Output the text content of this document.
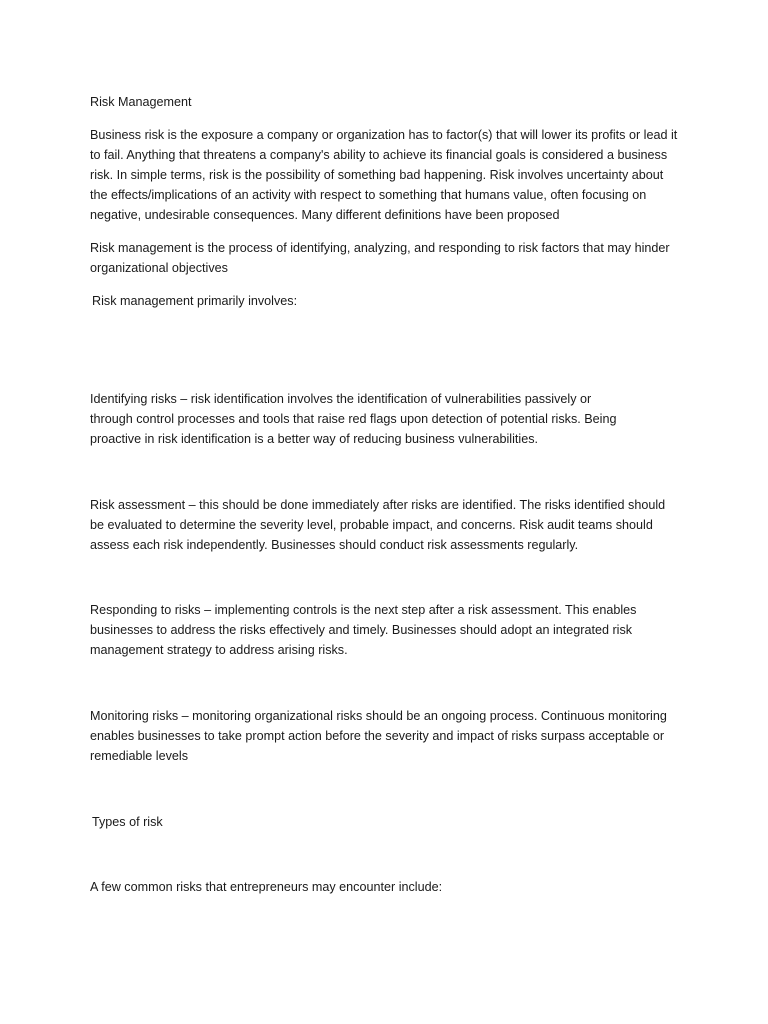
Risk Management

Business risk is the exposure a company or organization has to factor(s) that will lower its profits or lead it to fail. Anything that threatens a company's ability to achieve its financial goals is considered a business risk. In simple terms, risk is the possibility of something bad happening. Risk involves uncertainty about the effects/implications of an activity with respect to something that humans value, often focusing on negative, undesirable consequences. Many different definitions have been proposed

Risk management is the process of identifying, analyzing, and responding to risk factors that may hinder organizational objectives

Risk management primarily involves:

Identifying risks – risk identification involves the identification of vulnerabilities passively or through control processes and tools that raise red flags upon detection of potential risks. Being proactive in risk identification is a better way of reducing business vulnerabilities.

Risk assessment – this should be done immediately after risks are identified. The risks identified should be evaluated to determine the severity level, probable impact, and concerns. Risk audit teams should assess each risk independently. Businesses should conduct risk assessments regularly.

Responding to risks – implementing controls is the next step after a risk assessment. This enables businesses to address the risks effectively and timely. Businesses should adopt an integrated risk management strategy to address arising risks.

Monitoring risks – monitoring organizational risks should be an ongoing process. Continuous monitoring enables businesses to take prompt action before the severity and impact of risks surpass acceptable or remediable levels

Types of risk

A few common risks that entrepreneurs may encounter include:
